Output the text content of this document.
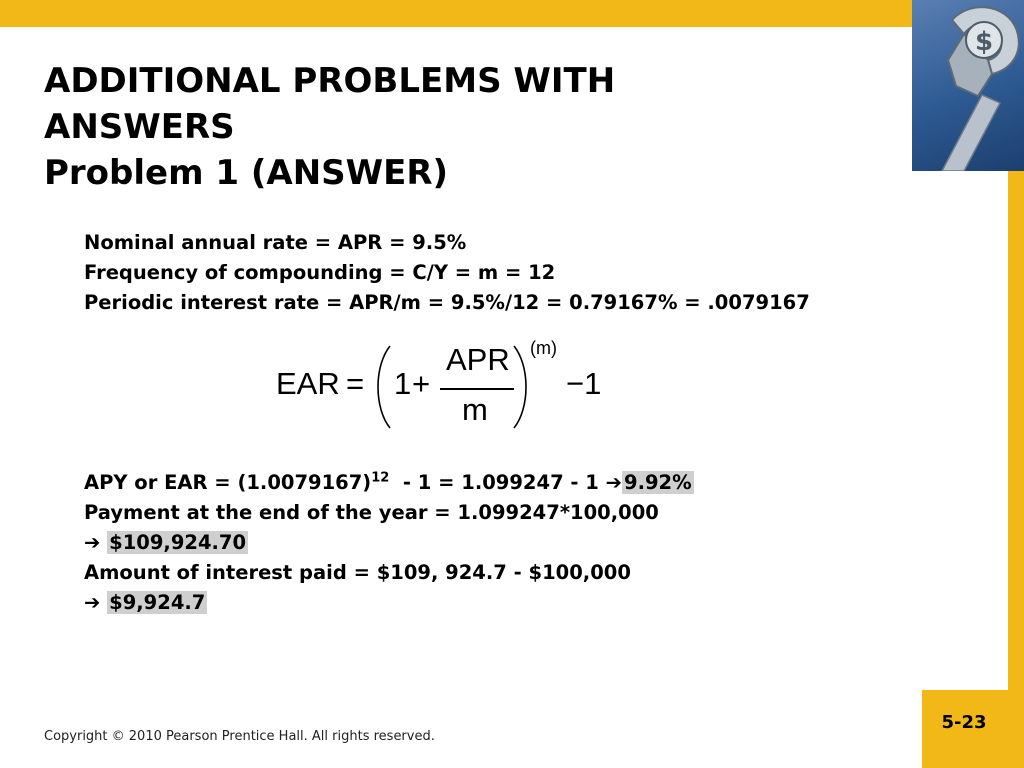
$
ADDITIONAL PROBLEMS WITH
ANSWERS
Problem 1 (ANSWER)
Nominal annual rate = APR = 9.5%
Frequency of compounding = C/Y = m = 12
Periodic interest rate = APR/m = 9.5%/12 = 0.79167% = .0079167
EAR = 1 +
APR
m
(m)
−1
APY or EAR = $(1.0079167)^{12} - 1 = 1.099247 - 1$ ➔ 9.92%
Payment at the end of the year = 1.099247*100,000
➔ $109,924.70
Amount of interest paid = $109, 924.7 - $100,000
➔ $9,924.7
5-23
Copyright © 2010 Pearson Prentice Hall. All rights reserved.
